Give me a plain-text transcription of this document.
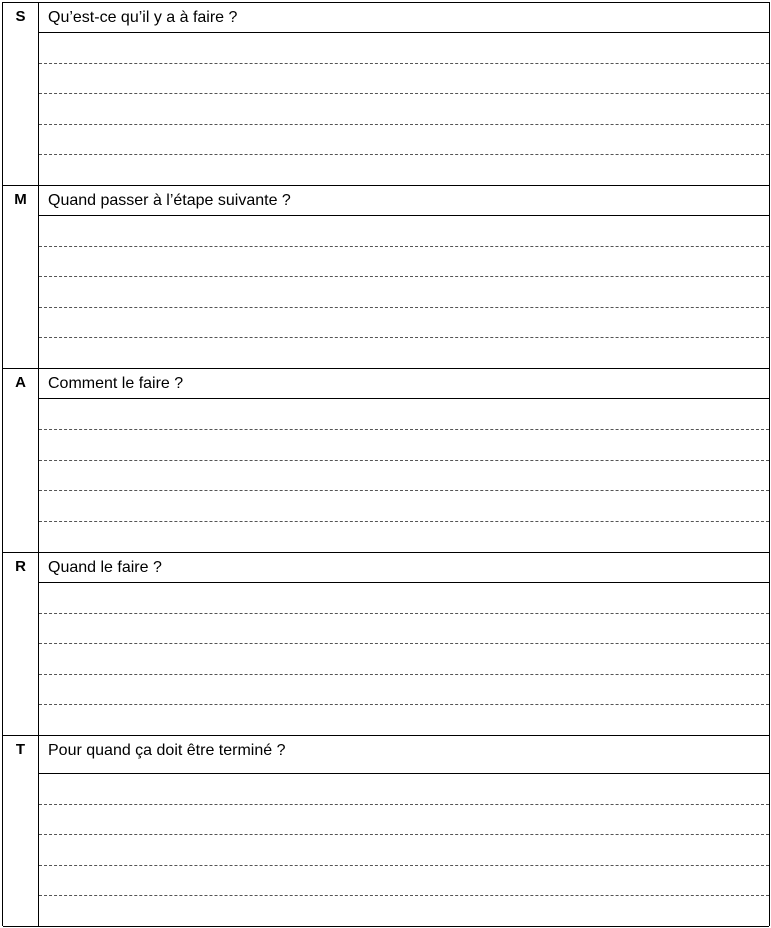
S	Qu’est-ce qu’il y a à faire ?
M	Quand passer à l’étape suivante ?
A	Comment le faire ?
R	Quand le faire ?
T	Pour quand ça doit être terminé ?
